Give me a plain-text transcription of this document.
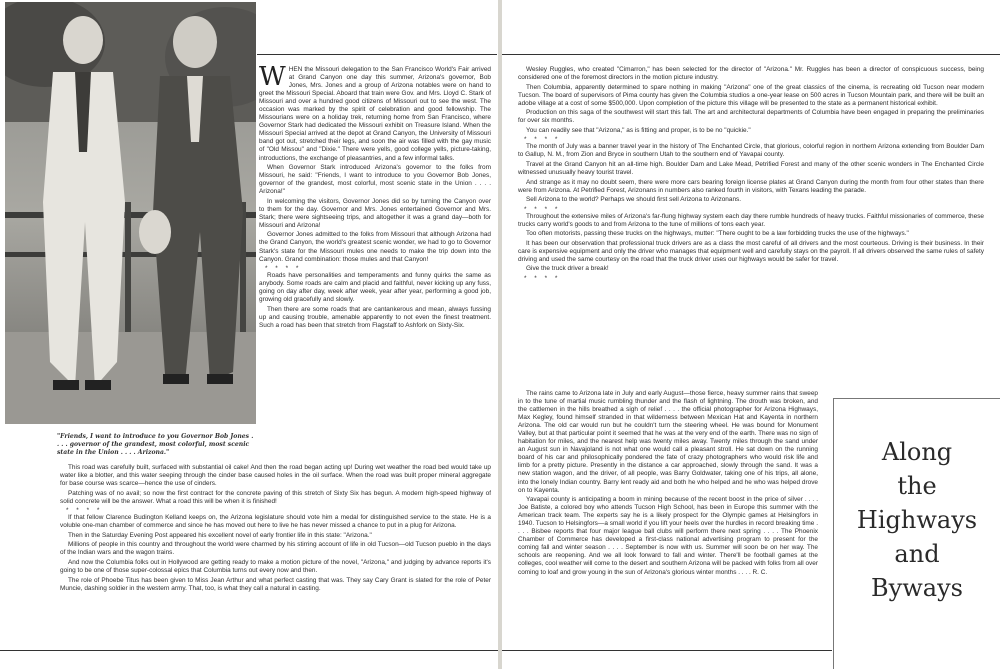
W HEN the Missouri delegation to the San Francisco World's Fair arrived at Grand Canyon one day this summer, Arizona's governor, Bob Jones, Mrs. Jones and a group of Arizona notables were on hand to greet the Missouri Special. Aboard that train were Gov. and Mrs. Lloyd C. Stark of Missouri and over a hundred good citizens of Missouri out to see the west. The occasion was marked by the spirit of celebration and good fellowship. The Missourians were on a holiday trek, returning home from San Francisco, where Governor Stark had dedicated the Missouri exhibit on Treasure Island. When the Missouri Special arrived at the depot at Grand Canyon, the University of Missouri band got out, stretched their legs, and soon the air was filled with the gay music of "Old Missou" and "Dixie." There were yells, good college yells, picture-taking, introductions, the exchange of pleasantries, and a few informal talks.

When Governor Stark introduced Arizona's governor to the folks from Missouri, he said: "Friends, I want to introduce to you Governor Bob Jones, governor of the grandest, most colorful, most scenic state in the Union . . . . Arizona!"

In welcoming the visitors, Governor Jones did so by turning the Canyon over to them for the day. Governor and Mrs. Jones entertained Governor and Mrs. Stark; there were sightseeing trips, and altogether it was a grand day—both for Missouri and Arizona!

Governor Jones admitted to the folks from Missouri that although Arizona had the Grand Canyon, the world's greatest scenic wonder, we had to go to Governor Stark's state for the Missouri mules one needs to make the trip down into the Canyon. Grand combination: those mules and that Canyon!

* * * *

Roads have personalities and temperaments and funny quirks the same as anybody. Some roads are calm and placid and faithful, never kicking up any fuss, going on day after day, week after week, year after year, performing a good job, growing old gracefully and slowly.

Then there are some roads that are cantankerous and mean, always fussing up and causing trouble, amenable apparently to not even the finest treatment. Such a road has been that stretch from Flagstaff to Ashfork on Sixty-Six.

"Friends, I want to introduce to you Governor Bob Jones . . . . governor of the grandest, most colorful, most scenic state in the Union . . . . Arizona."

This road was carefully built, surfaced with substantial oil cake! And then the road began acting up! During wet weather the road bed would take up water like a blotter, and this water seeping through the cinder base caused holes in the oil surface. When the road was built proper mineral aggregate for base course was scarce—hence the use of cinders.

Patching was of no avail; so now the first contract for the concrete paving of this stretch of Sixty Six has begun. A modern high-speed highway of solid concrete will be the answer. What a road this will be when it is finished!

* * * *

If that fellow Clarence Budington Kelland keeps on, the Arizona legislature should vote him a medal for distinguished service to the state. He is a voluble one-man chamber of commerce and since he has moved out here to live he has never missed a chance to put in a plug for Arizona.

Then in the Saturday Evening Post appeared his excellent novel of early frontier life in this state: "Arizona."

Millions of people in this country and throughout the world were charmed by his stirring account of life in old Tucson—old Tucson pueblo in the days of the Indian wars and the wagon trains.

And now the Columbia folks out in Hollywood are getting ready to make a motion picture of the novel, "Arizona," and judging by advance reports it's going to be one of those super-colossal epics that Columbia turns out every now and then.

The role of Phoebe Titus has been given to Miss Jean Arthur and what perfect casting that was. They say Cary Grant is slated for the role of Peter Muncie, dashing soldier in the western army. That, too, is what they call a natural in casting.

Wesley Ruggles, who created "Cimarron," has been selected for the director of "Arizona." Mr. Ruggles has been a director of conspicuous success, being considered one of the foremost directors in the motion picture industry.

Then Columbia, apparently determined to spare nothing in making "Arizona" one of the great classics of the cinema, is recreating old Tucson near modern Tucson. The board of supervisors of Pima county has given the Columbia studios a one-year lease on 500 acres in Tucson Mountain park, and there will be built an adobe village at a cost of some $500,000. Upon completion of the picture this village will be presented to the state as a permanent historical exhibit.

Production on this saga of the southwest will start this fall. The art and architectural departments of Columbia have been engaged in preparing the preliminaries for over six months.

You can readily see that "Arizona," as is fitting and proper, is to be no "quickie."

* * * *

The month of July was a banner travel year in the history of The Enchanted Circle, that glorious, colorful region in northern Arizona extending from Boulder Dam to Gallup, N. M., from Zion and Bryce in southern Utah to the southern end of Yavapai county.

Travel at the Grand Canyon hit an all-time high. Boulder Dam and Lake Mead, Petrified Forest and many of the other scenic wonders in The Enchanted Circle witnessed unusually heavy tourist travel.

And strange as it may no doubt seem, there were more cars bearing foreign license plates at Grand Canyon during the month from four other states than there were from Arizona. At Petrified Forest, Arizonans in numbers also ranked fourth in visitors, with Texans leading the parade.

Sell Arizona to the world? Perhaps we should first sell Arizona to Arizonans.

* * * *

Throughout the extensive miles of Arizona's far-flung highway system each day there rumble hundreds of heavy trucks. Faithful missionaries of commerce, these trucks carry world's goods to and from Arizona to the tune of millions of tons each year.

Too often motorists, passing these trucks on the highways, mutter: "There ought to be a law forbidding trucks the use of the highways."

It has been our observation that professional truck drivers are as a class the most careful of all drivers and the most courteous. Driving is their business. In their care is expensive equipment and only the driver who manages that equipment well and carefully stays on the payroll. If all drivers observed the same rules of safety driving and used the same courtesy on the road that the truck driver uses our highways would be safer for travel.

Give the truck driver a break!

* * * *

The rains came to Arizona late in July and early August—those fierce, heavy summer rains that sweep in to the tune of martial music rumbling thunder and the flash of lightning. The drouth was broken, and the cattlemen in the hills breathed a sigh of relief . . . . the official photographer for Arizona Highways, Max Kegley, found himself stranded in that wilderness between Mexican Hat and Kayenta in northern Arizona. The old car would run but he couldn't turn the steering wheel. He was bound for Monument Valley, but at that particular point it seemed that he was at the very end of the earth. There was no sign of habitation for miles, and the nearest help was twenty miles away. Twenty miles through the sand under an August sun in Navajoland is not what one would call a pleasant stroll. He sat down on the running board of his car and philosophically pondered the fate of crazy photographers who would risk life and limb for a pretty picture. Presently in the distance a car approached, slowly through the sand. It was a new station wagon, and the driver, of all people, was Barry Goldwater, taking one of his trips, all alone, into the lonely Indian country. Barry lent ready aid and both he who helped and he who was helped drove on to Kayenta.

Yavapai county is anticipating a boom in mining because of the recent boost in the price of silver . . . . Joe Batiste, a colored boy who attends Tucson High School, has been in Europe this summer with the American track team. The experts say he is a likely prospect for the Olympic games at Helsingfors in 1940. Tucson to Helsingfors—a small world if you lift your heels over the hurdles in record breaking time . . . . Bisbee reports that four major league ball clubs will perform there next spring . . . . The Phoenix Chamber of Commerce has developed a first-class national advertising program to present for the coming fall and winter season . . . . September is now with us. Summer will soon be on her way. The schools are reopening. And we all look forward to fall and winter. There'll be football games at the colleges, cool weather will come to the desert and southern Arizona will be packed with folks from all over coming to loaf and grow young in the sun of Arizona's glorious winter months . . . . R. C.

Along
the
Highways
and
Byways
